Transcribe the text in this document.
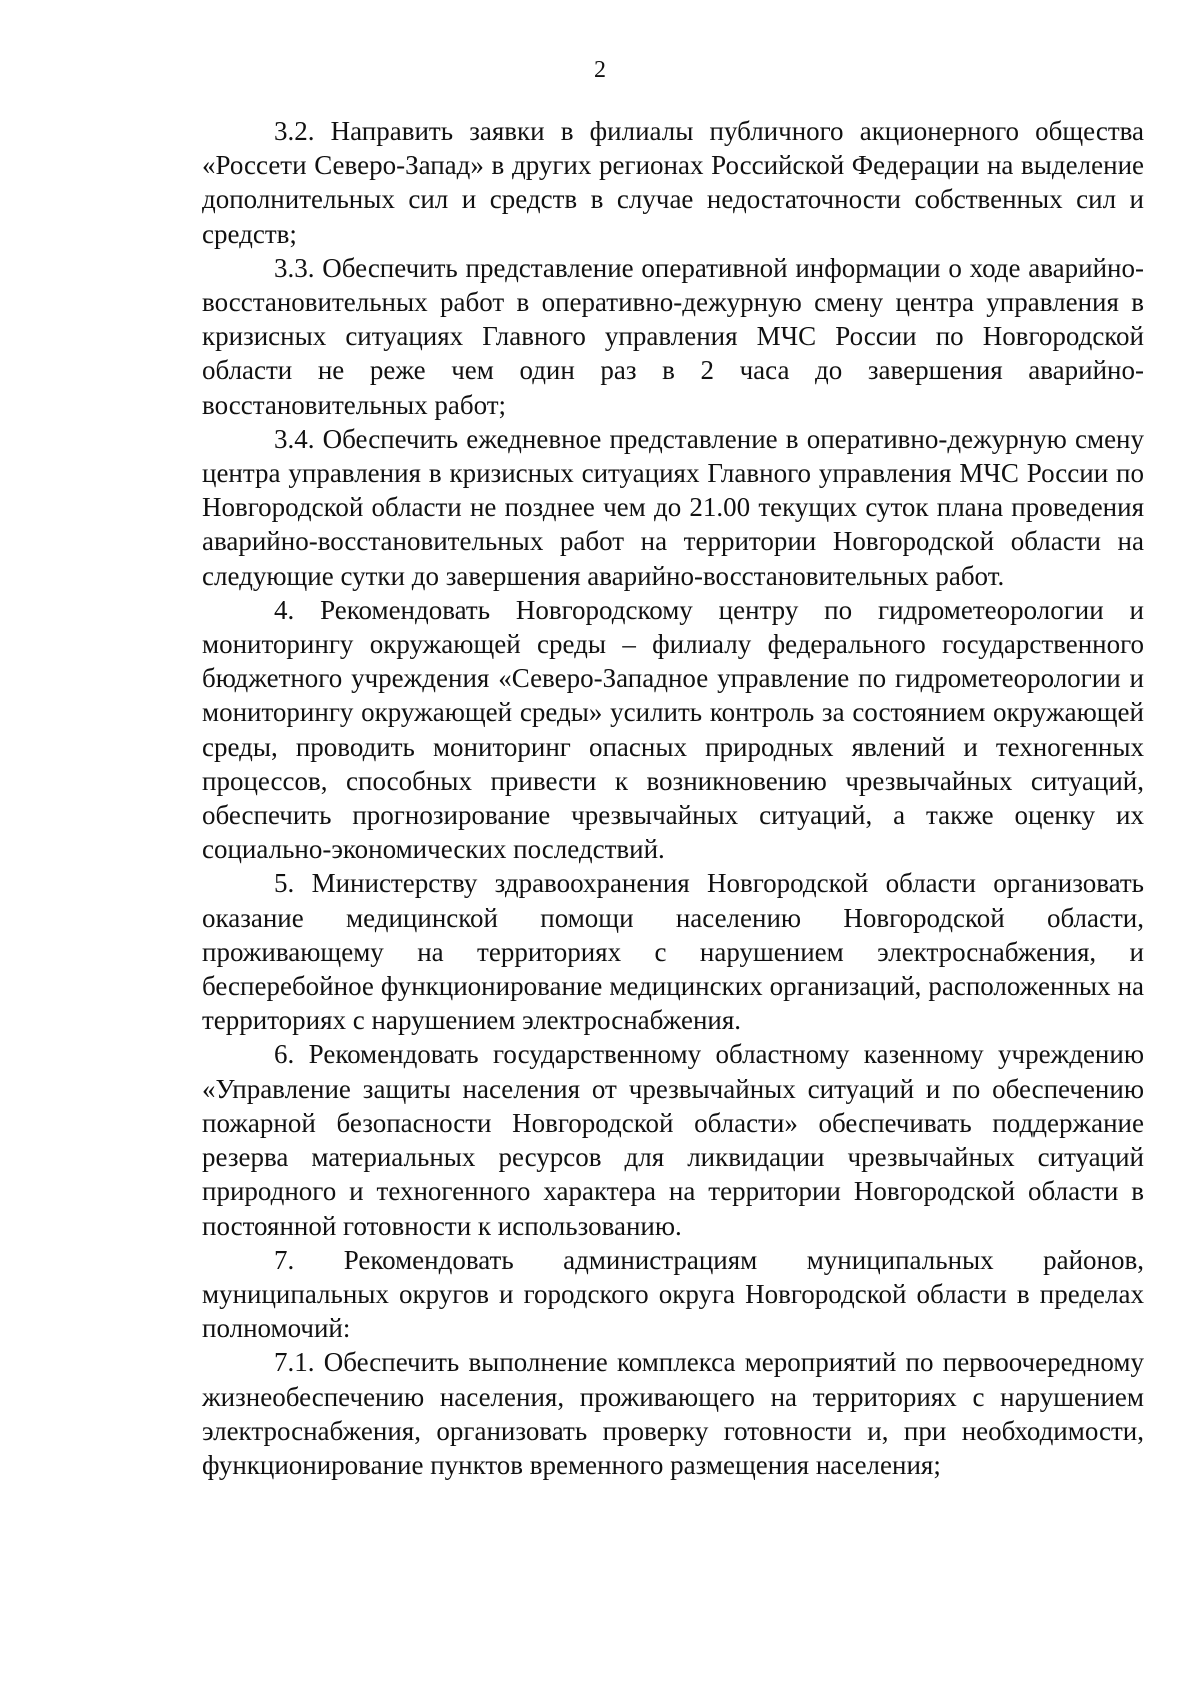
2

3.2. Направить заявки в филиалы публичного акционерного общества «Россети Северо-Запад» в других регионах Российской Федерации на выделение дополнительных сил и средств в случае недостаточности собственных сил и средств;

3.3. Обеспечить представление оперативной информации о ходе аварийно-восстановительных работ в оперативно-дежурную смену центра управления в кризисных ситуациях Главного управления МЧС России по Новгородской области не реже чем один раз в 2 часа до завершения аварийно-восстановительных работ;

3.4. Обеспечить ежедневное представление в оперативно-дежурную смену центра управления в кризисных ситуациях Главного управления МЧС России по Новгородской области не позднее чем до 21.00 текущих суток плана проведения аварийно-восстановительных работ на территории Новгородской области на следующие сутки до завершения аварийно-восстановительных работ.

4. Рекомендовать Новгородскому центру по гидрометеорологии и мониторингу окружающей среды – филиалу федерального государственного бюджетного учреждения «Северо-Западное управление по гидрометеорологии и мониторингу окружающей среды» усилить контроль за состоянием окружающей среды, проводить мониторинг опасных природных явлений и техногенных процессов, способных привести к возникновению чрезвычайных ситуаций, обеспечить прогнозирование чрезвычайных ситуаций, а также оценку их социально-экономических последствий.

5. Министерству здравоохранения Новгородской области организовать оказание медицинской помощи населению Новгородской области, проживающему на территориях с нарушением электроснабжения, и бесперебойное функционирование медицинских организаций, расположенных на территориях с нарушением электроснабжения.

6. Рекомендовать государственному областному казенному учреждению «Управление защиты населения от чрезвычайных ситуаций и по обеспечению пожарной безопасности Новгородской области» обеспечивать поддержание резерва материальных ресурсов для ликвидации чрезвычайных ситуаций природного и техногенного характера на территории Новгородской области в постоянной готовности к использованию.

7. Рекомендовать администрациям муниципальных районов, муниципальных округов и городского округа Новгородской области в пределах полномочий:

7.1. Обеспечить выполнение комплекса мероприятий по первоочередному жизнеобеспечению населения, проживающего на территориях с нарушением электроснабжения, организовать проверку готовности и, при необходимости, функционирование пунктов временного размещения населения;
